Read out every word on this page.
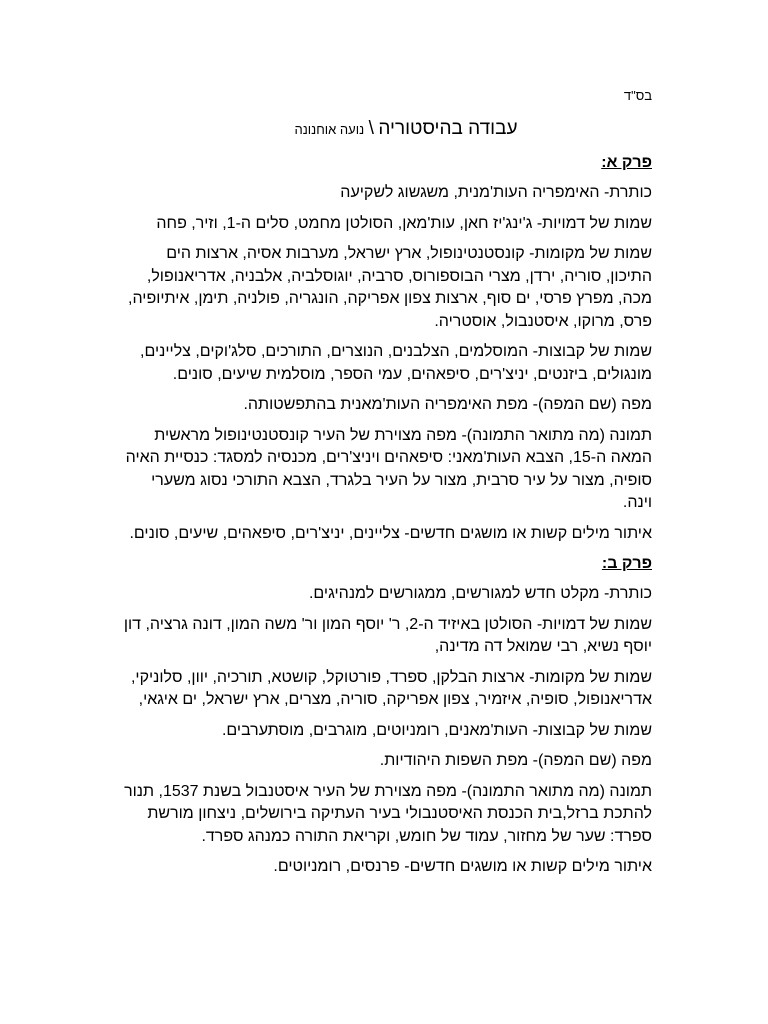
בס"ד
עבודה בהיסטוריה \ נועה אוחנונה
פרק א:

כותרת- האימפריה העות'מנית, משגשוג לשקיעה

שמות של דמויות- ג'ינג'יז חאן, עות'מאן, הסולטן מחמט, סלים ה-1, וזיר, פחה

שמות של מקומות- קונסטנטינופול, ארץ ישראל, מערבות אסיה, ארצות הים התיכון, סוריה, ירדן, מצרי הבוספורוס, סרביה, יוגוסלביה, אלבניה, אדריאנופול, מכה, מפרץ פרסי, ים סוף, ארצות צפון אפריקה, הונגריה, פולניה, תימן, איתיופיה, פרס, מרוקו, איסטנבול, אוסטריה.

שמות של קבוצות- המוסלמים, הצלבנים, הנוצרים, התורכים, סלג'וקים, צליינים, מונגולים, ביזנטים, יניצ'רים, סיפאהים, עמי הספר, מוסלמית שיעים, סונים.

מפה (שם המפה)- מפת האימפריה העות'מאנית בהתפשטותה.

תמונה (מה מתואר התמונה)- מפה מצוירת של העיר קונסטנטינופול מראשית המאה ה-15, הצבא העות'מאני: סיפאהים ויניצ'רים, מכנסיה למסגד: כנסיית האיה סופיה, מצור על עיר סרבית, מצור על העיר בלגרד, הצבא התורכי נסוג משערי וינה.

איתור מילים קשות או מושגים חדשים- צליינים, יניצ'רים, סיפאהים, שיעים, סונים.

פרק ב:

כותרת- מקלט חדש למגורשים, ממגורשים למנהיגים.

שמות של דמויות- הסולטן באיזיד ה-2, ר' יוסף המון ור' משה המון, דונה גרציה, דון יוסף נשיא, רבי שמואל דה מדינה,

שמות של מקומות- ארצות הבלקן, ספרד, פורטוקל, קושטא, תורכיה, יוון, סלוניקי, אדריאנופול, סופיה, איזמיר, צפון אפריקה, סוריה, מצרים, ארץ ישראל, ים איגאי,

שמות של קבוצות- העות'מאנים, רומניוטים, מוגרבים, מוסתערבים.

מפה (שם המפה)- מפת השפות היהודיות.

תמונה (מה מתואר התמונה)- מפה מצוירת של העיר איסטנבול בשנת 1537, תנור להתכת ברזל,בית הכנסת האיסטנבולי בעיר העתיקה בירושלים, ניצחון מורשת ספרד: שער של מחזור, עמוד של חומש, וקריאת התורה כמנהג ספרד.

איתור מילים קשות או מושגים חדשים- פרנסים, רומניוטים.
